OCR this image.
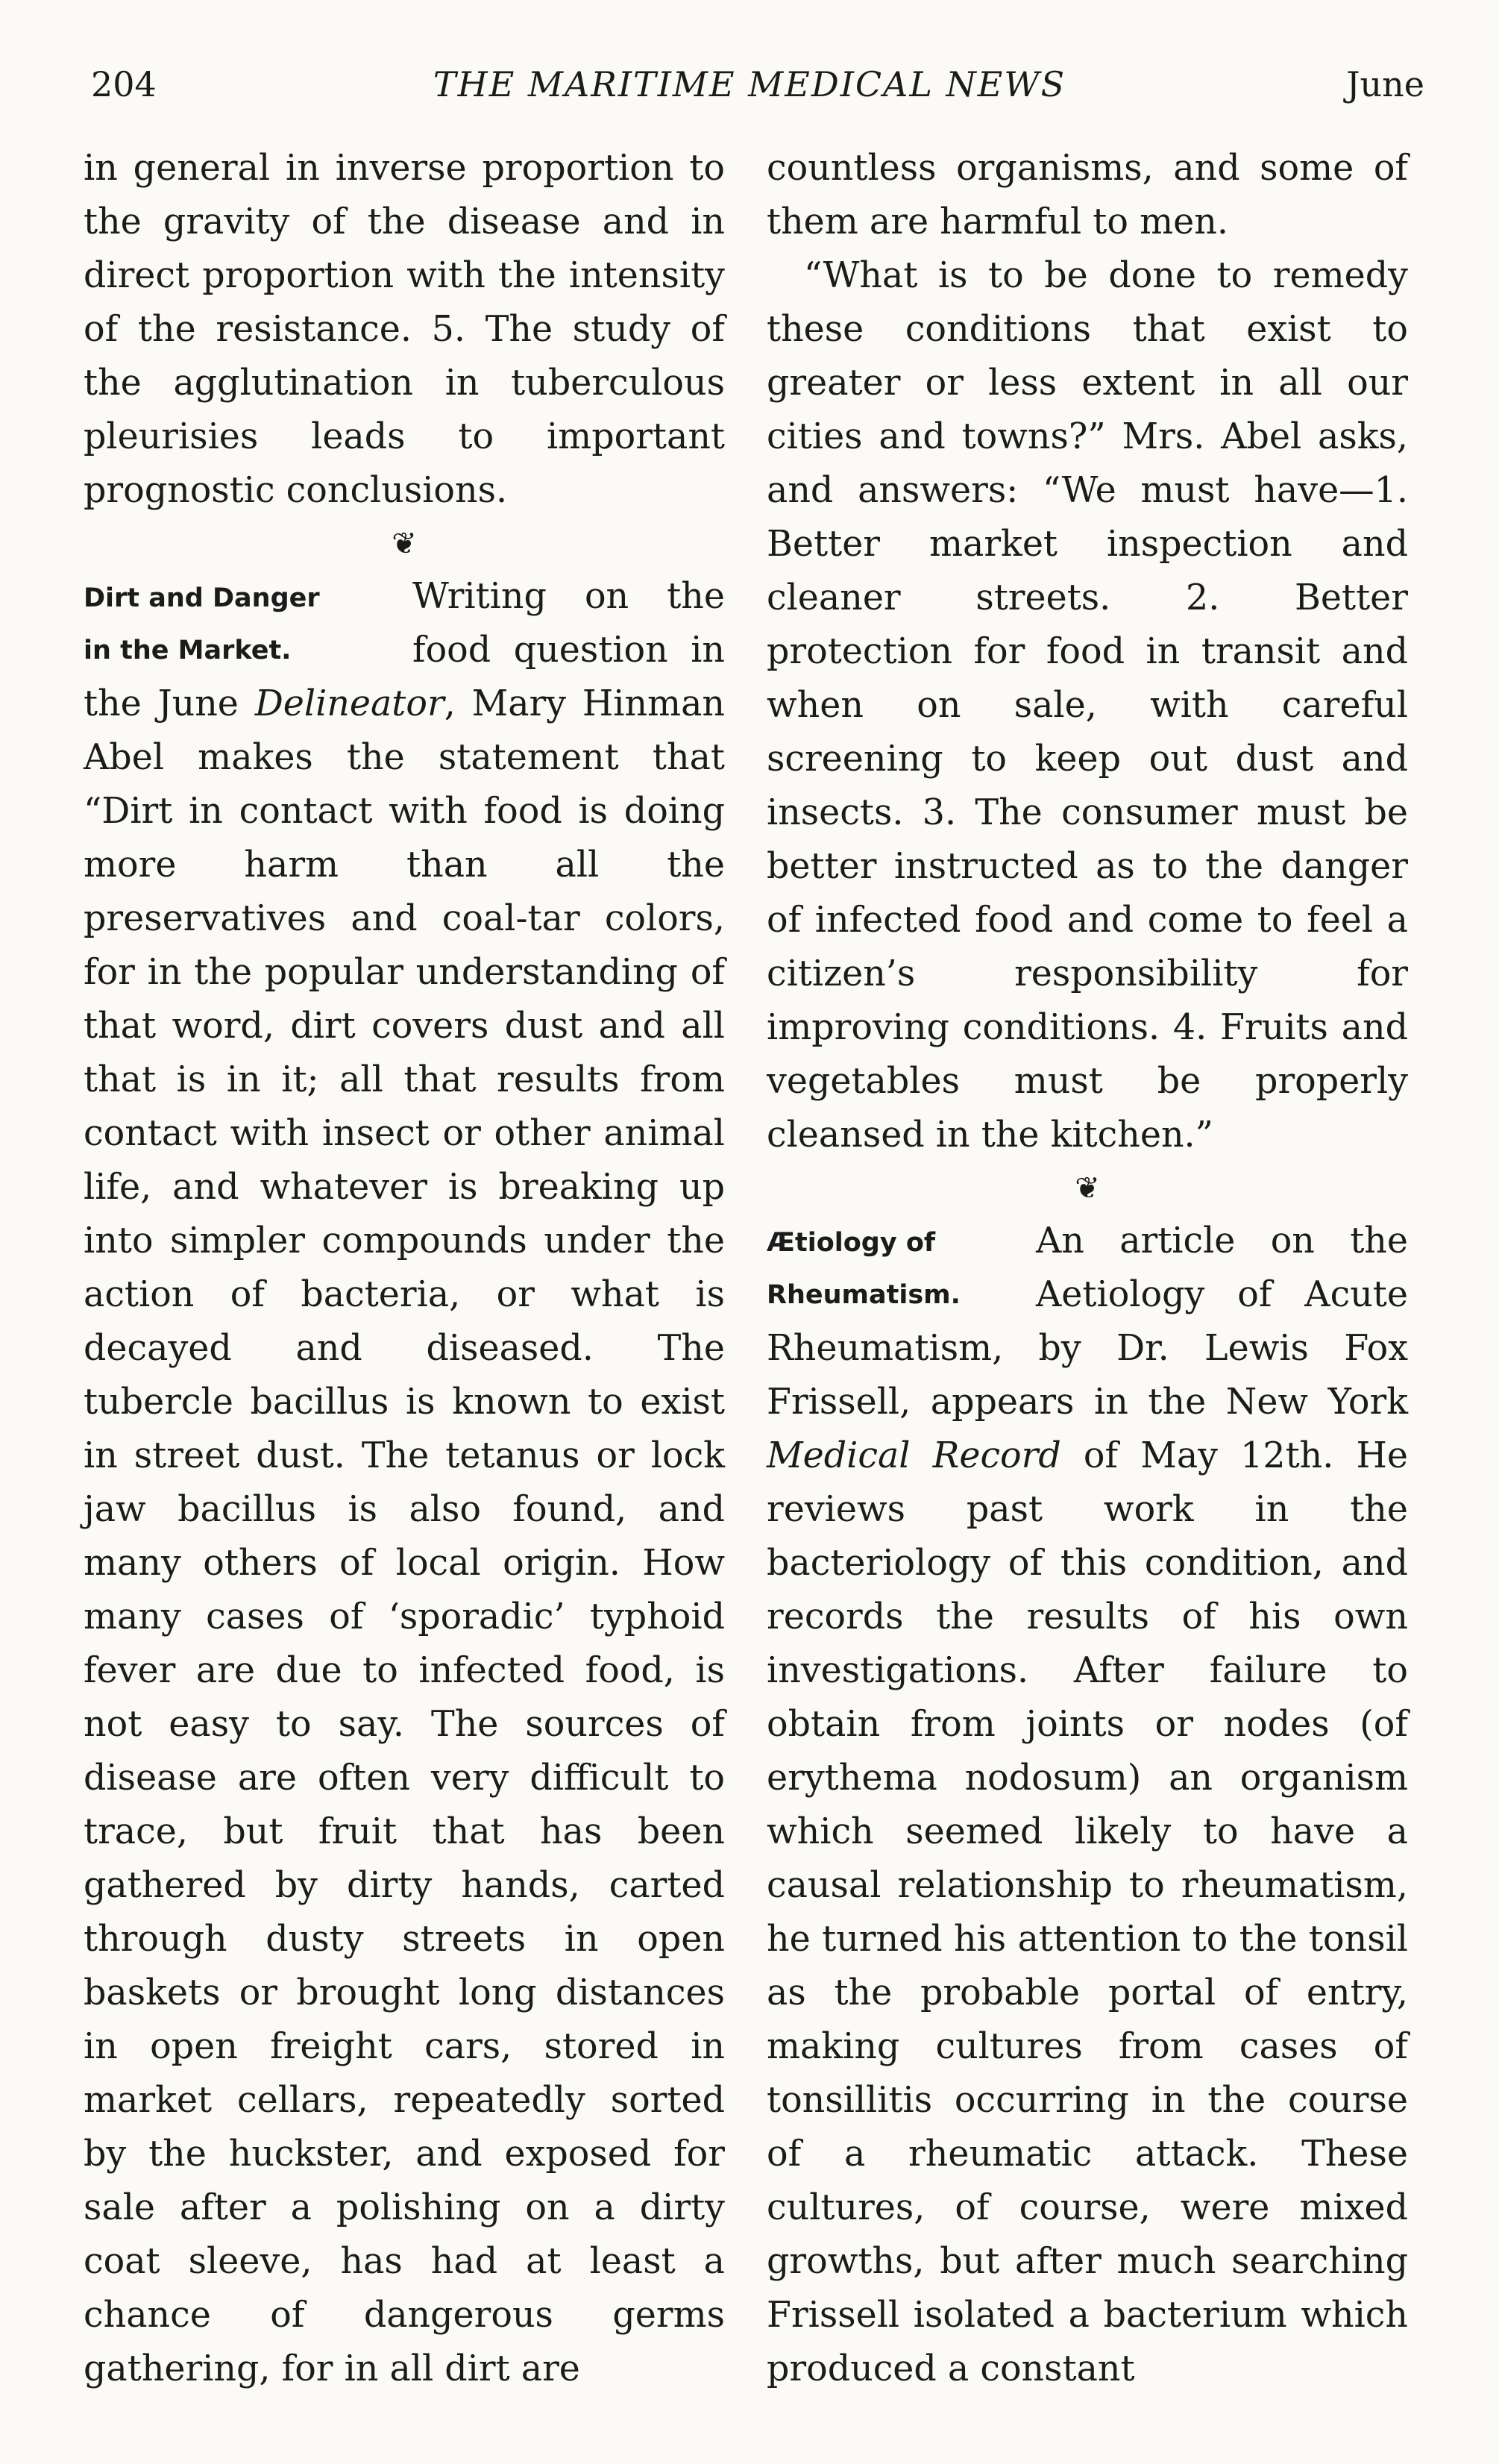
204	THE MARITIME MEDICAL NEWS	June

in general in inverse proportion to the gravity of the disease and in direct proportion with the intensity of the resistance. 5. The study of the agglutination in tuberculous pleurisies leads to important prognostic conclusions.

❦

Dirt and Danger
in the Market.

Writing on the food question in the June Delineator, Mary Hinman Abel makes the statement that “Dirt in contact with food is doing more harm than all the preservatives and coal-tar colors, for in the popular understanding of that word, dirt covers dust and all that is in it; all that results from contact with insect or other animal life, and whatever is breaking up into simpler compounds under the action of bacteria, or what is decayed and diseased. The tubercle bacillus is known to exist in street dust. The tetanus or lock jaw bacillus is also found, and many others of local origin. How many cases of ‘sporadic’ typhoid fever are due to infected food, is not easy to say. The sources of disease are often very difficult to trace, but fruit that has been gathered by dirty hands, carted through dusty streets in open baskets or brought long distances in open freight cars, stored in market cellars, repeatedly sorted by the huckster, and exposed for sale after a polishing on a dirty coat sleeve, has had at least a chance of dangerous germs gathering, for in all dirt are

countless organisms, and some of them are harmful to men.

“What is to be done to remedy these conditions that exist to greater or less extent in all our cities and towns?” Mrs. Abel asks, and answers: “We must have—1. Better market inspection and cleaner streets. 2. Better protection for food in transit and when on sale, with careful screening to keep out dust and insects. 3. The consumer must be better instructed as to the danger of infected food and come to feel a citizen’s responsibility for improving conditions. 4. Fruits and vegetables must be properly cleansed in the kitchen.”

❦

Ætiology of
Rheumatism.

An article on the Aetiology of Acute Rheumatism, by Dr. Lewis Fox Frissell, appears in the New York Medical Record of May 12th. He reviews past work in the bacteriology of this condition, and records the results of his own investigations. After failure to obtain from joints or nodes (of erythema nodosum) an organism which seemed likely to have a causal relationship to rheumatism, he turned his attention to the tonsil as the probable portal of entry, making cultures from cases of tonsillitis occurring in the course of a rheumatic attack. These cultures, of course, were mixed growths, but after much searching Frissell isolated a bacterium which produced a constant
